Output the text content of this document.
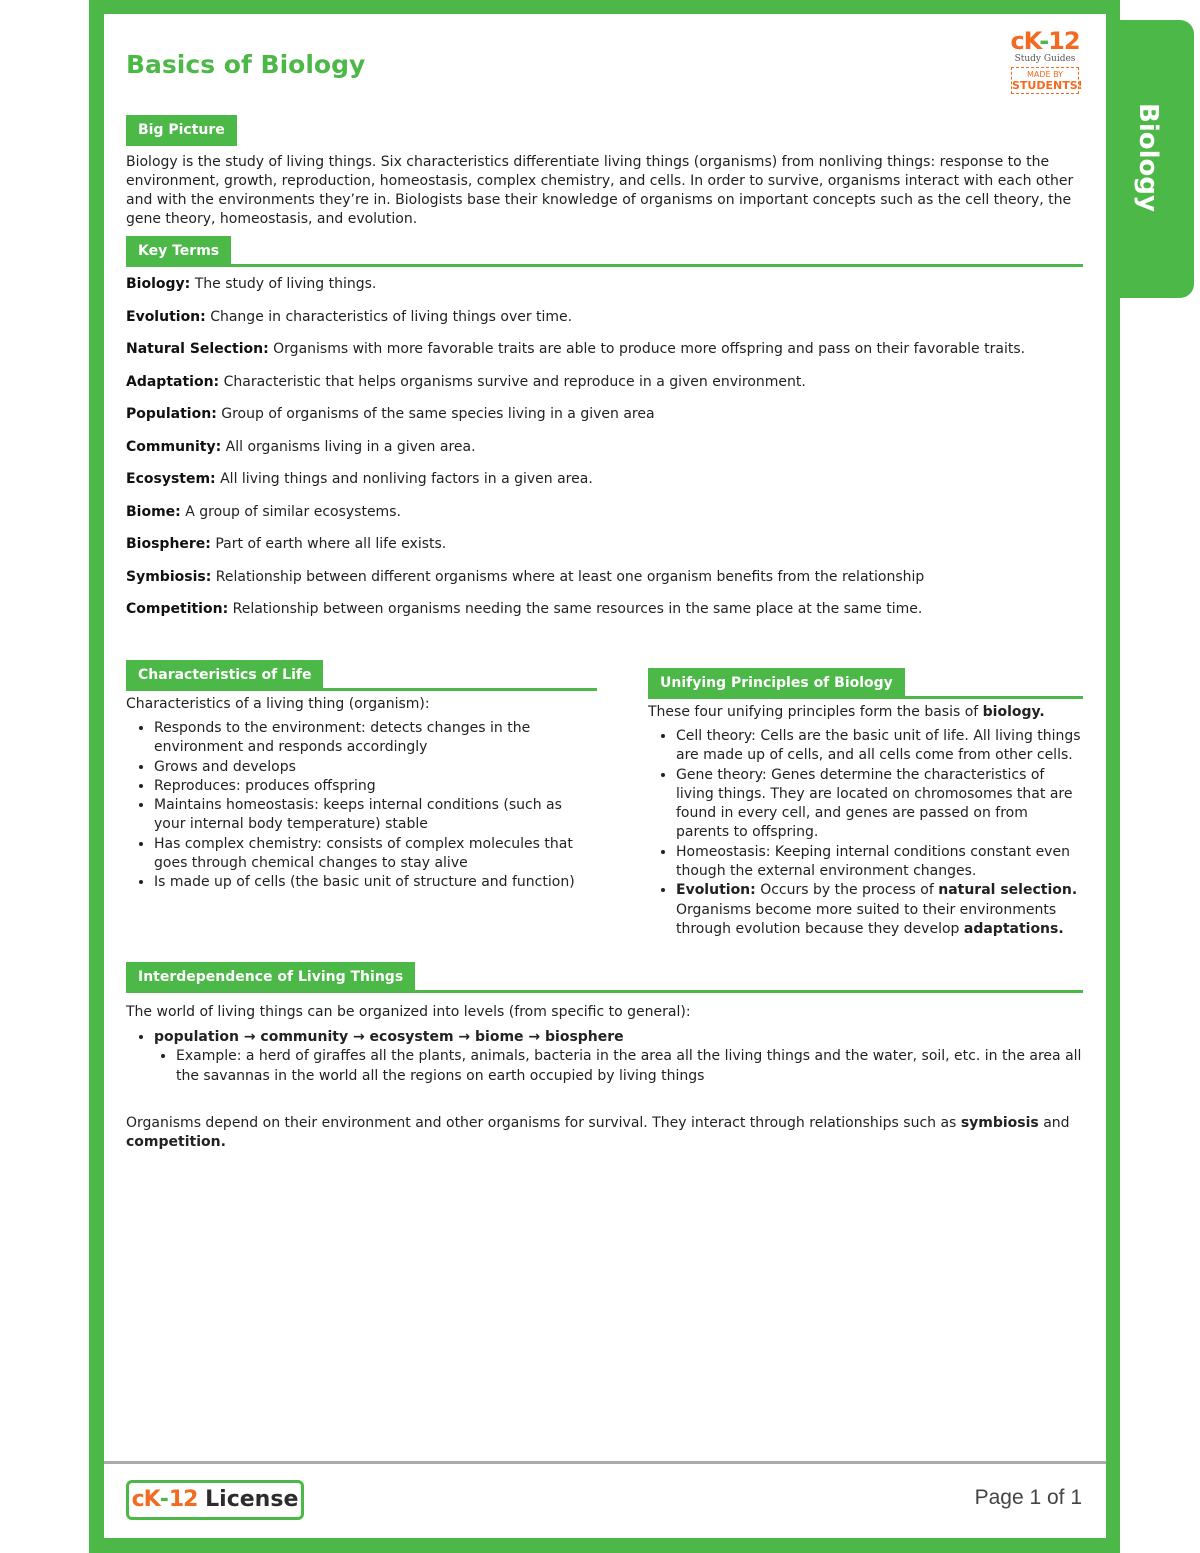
Biology
Basics of Biology
cK-12
Study Guides
MADE BY
STUDENTS!
Big Picture

Biology is the study of living things. Six characteristics differentiate living things (organisms) from nonliving things: response to the environment, growth, reproduction, homeostasis, complex chemistry, and cells. In order to survive, organisms interact with each other and with the environments they’re in. Biologists base their knowledge of organisms on important concepts such as the cell theory, the gene theory, homeostasis, and evolution.

Key Terms

Biology: The study of living things.

Evolution: Change in characteristics of living things over time.

Natural Selection: Organisms with more favorable traits are able to produce more offspring and pass on their favorable traits.

Adaptation: Characteristic that helps organisms survive and reproduce in a given environment.

Population: Group of organisms of the same species living in a given area

Community: All organisms living in a given area.

Ecosystem: All living things and nonliving factors in a given area.

Biome: A group of similar ecosystems.

Biosphere: Part of earth where all life exists.

Symbiosis: Relationship between different organisms where at least one organism benefits from the relationship

Competition: Relationship between organisms needing the same resources in the same place at the same time.

Characteristics of Life

Characteristics of a living thing (organism):

• Responds to the environment: detects changes in the environment and responds accordingly
• Grows and develops
• Reproduces: produces offspring
• Maintains homeostasis: keeps internal conditions (such as your internal body temperature) stable
• Has complex chemistry: consists of complex molecules that goes through chemical changes to stay alive
• Is made up of cells (the basic unit of structure and function)
Unifying Principles of Biology

These four unifying principles form the basis of biology.

• Cell theory: Cells are the basic unit of life. All living things are made up of cells, and all cells come from other cells.
• Gene theory: Genes determine the characteristics of living things. They are located on chromosomes that are found in every cell, and genes are passed on from parents to offspring.
• Homeostasis: Keeping internal conditions constant even though the external environment changes.
• Evolution: Occurs by the process of natural selection. Organisms become more suited to their environments through evolution because they develop adaptations.
Interdependence of Living Things

The world of living things can be organized into levels (from specific to general):

• population → community → ecosystem → biome → biosphere
• Example: a herd of giraffes all the plants, animals, bacteria in the area all the living things and the water, soil, etc. in the area all the savannas in the world all the regions on earth occupied by living things

Organisms depend on their environment and other organisms for survival. They interact through relationships such as symbiosis and competition.

cK-12 License	Page 1 of 1
